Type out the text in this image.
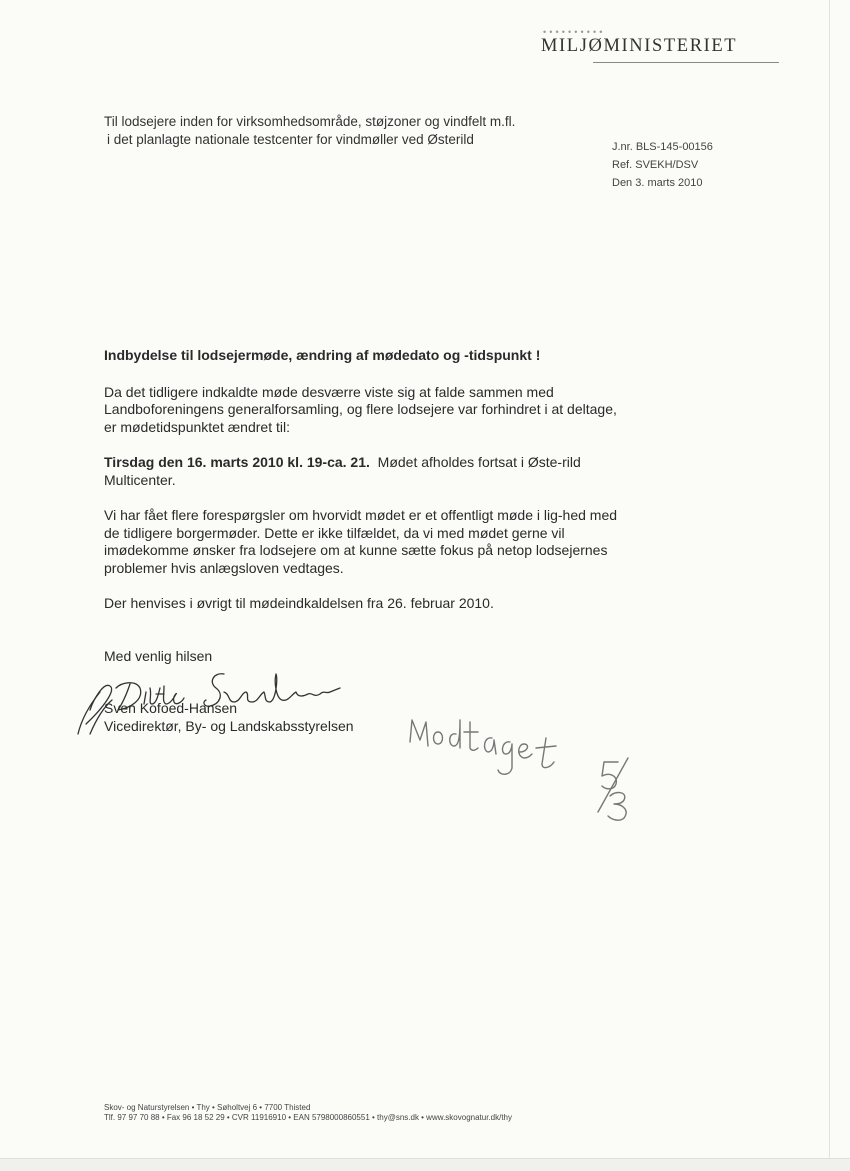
••••••••••
MILJØMINISTERIET
Til lodsejere inden for virksomhedsområde, støjzoner og vindfelt m.fl.
i det planlagte nationale testcenter for vindmøller ved Østerild	J.nr. BLS-145-00156
Ref. SVEKH/DSV
Den 3. marts 2010

Indbydelse til lodsejermøde, ændring af mødedato og -tidspunkt !

Da det tidligere indkaldte møde desværre viste sig at falde sammen med Landboforeningens generalforsamling, og flere lodsejere var forhindret i at deltage, er mødetidspunktet ændret til:

Tirsdag den 16. marts 2010 kl. 19-ca. 21. Mødet afholdes fortsat i Øste-rild Multicenter.

Vi har fået flere forespørgsler om hvorvidt mødet er et offentligt møde i lig-hed med de tidligere borgermøder. Dette er ikke tilfældet, da vi med mødet gerne vil imødekomme ønsker fra lodsejere om at kunne sætte fokus på netop lodsejernes problemer hvis anlægsloven vedtages.

Der henvises i øvrigt til mødeindkaldelsen fra 26. februar 2010.

Med venlig hilsen
Sven Kofoed-Hansen
Vicedirektør, By- og Landskabsstyrelsen
Skov- og Naturstyrelsen • Thy • Søholtvej 6 • 7700 Thisted
Tlf. 97 97 70 88 • Fax 96 18 52 29 • CVR 11916910 • EAN 5798000860551 • thy@sns.dk • www.skovognatur.dk/thy
